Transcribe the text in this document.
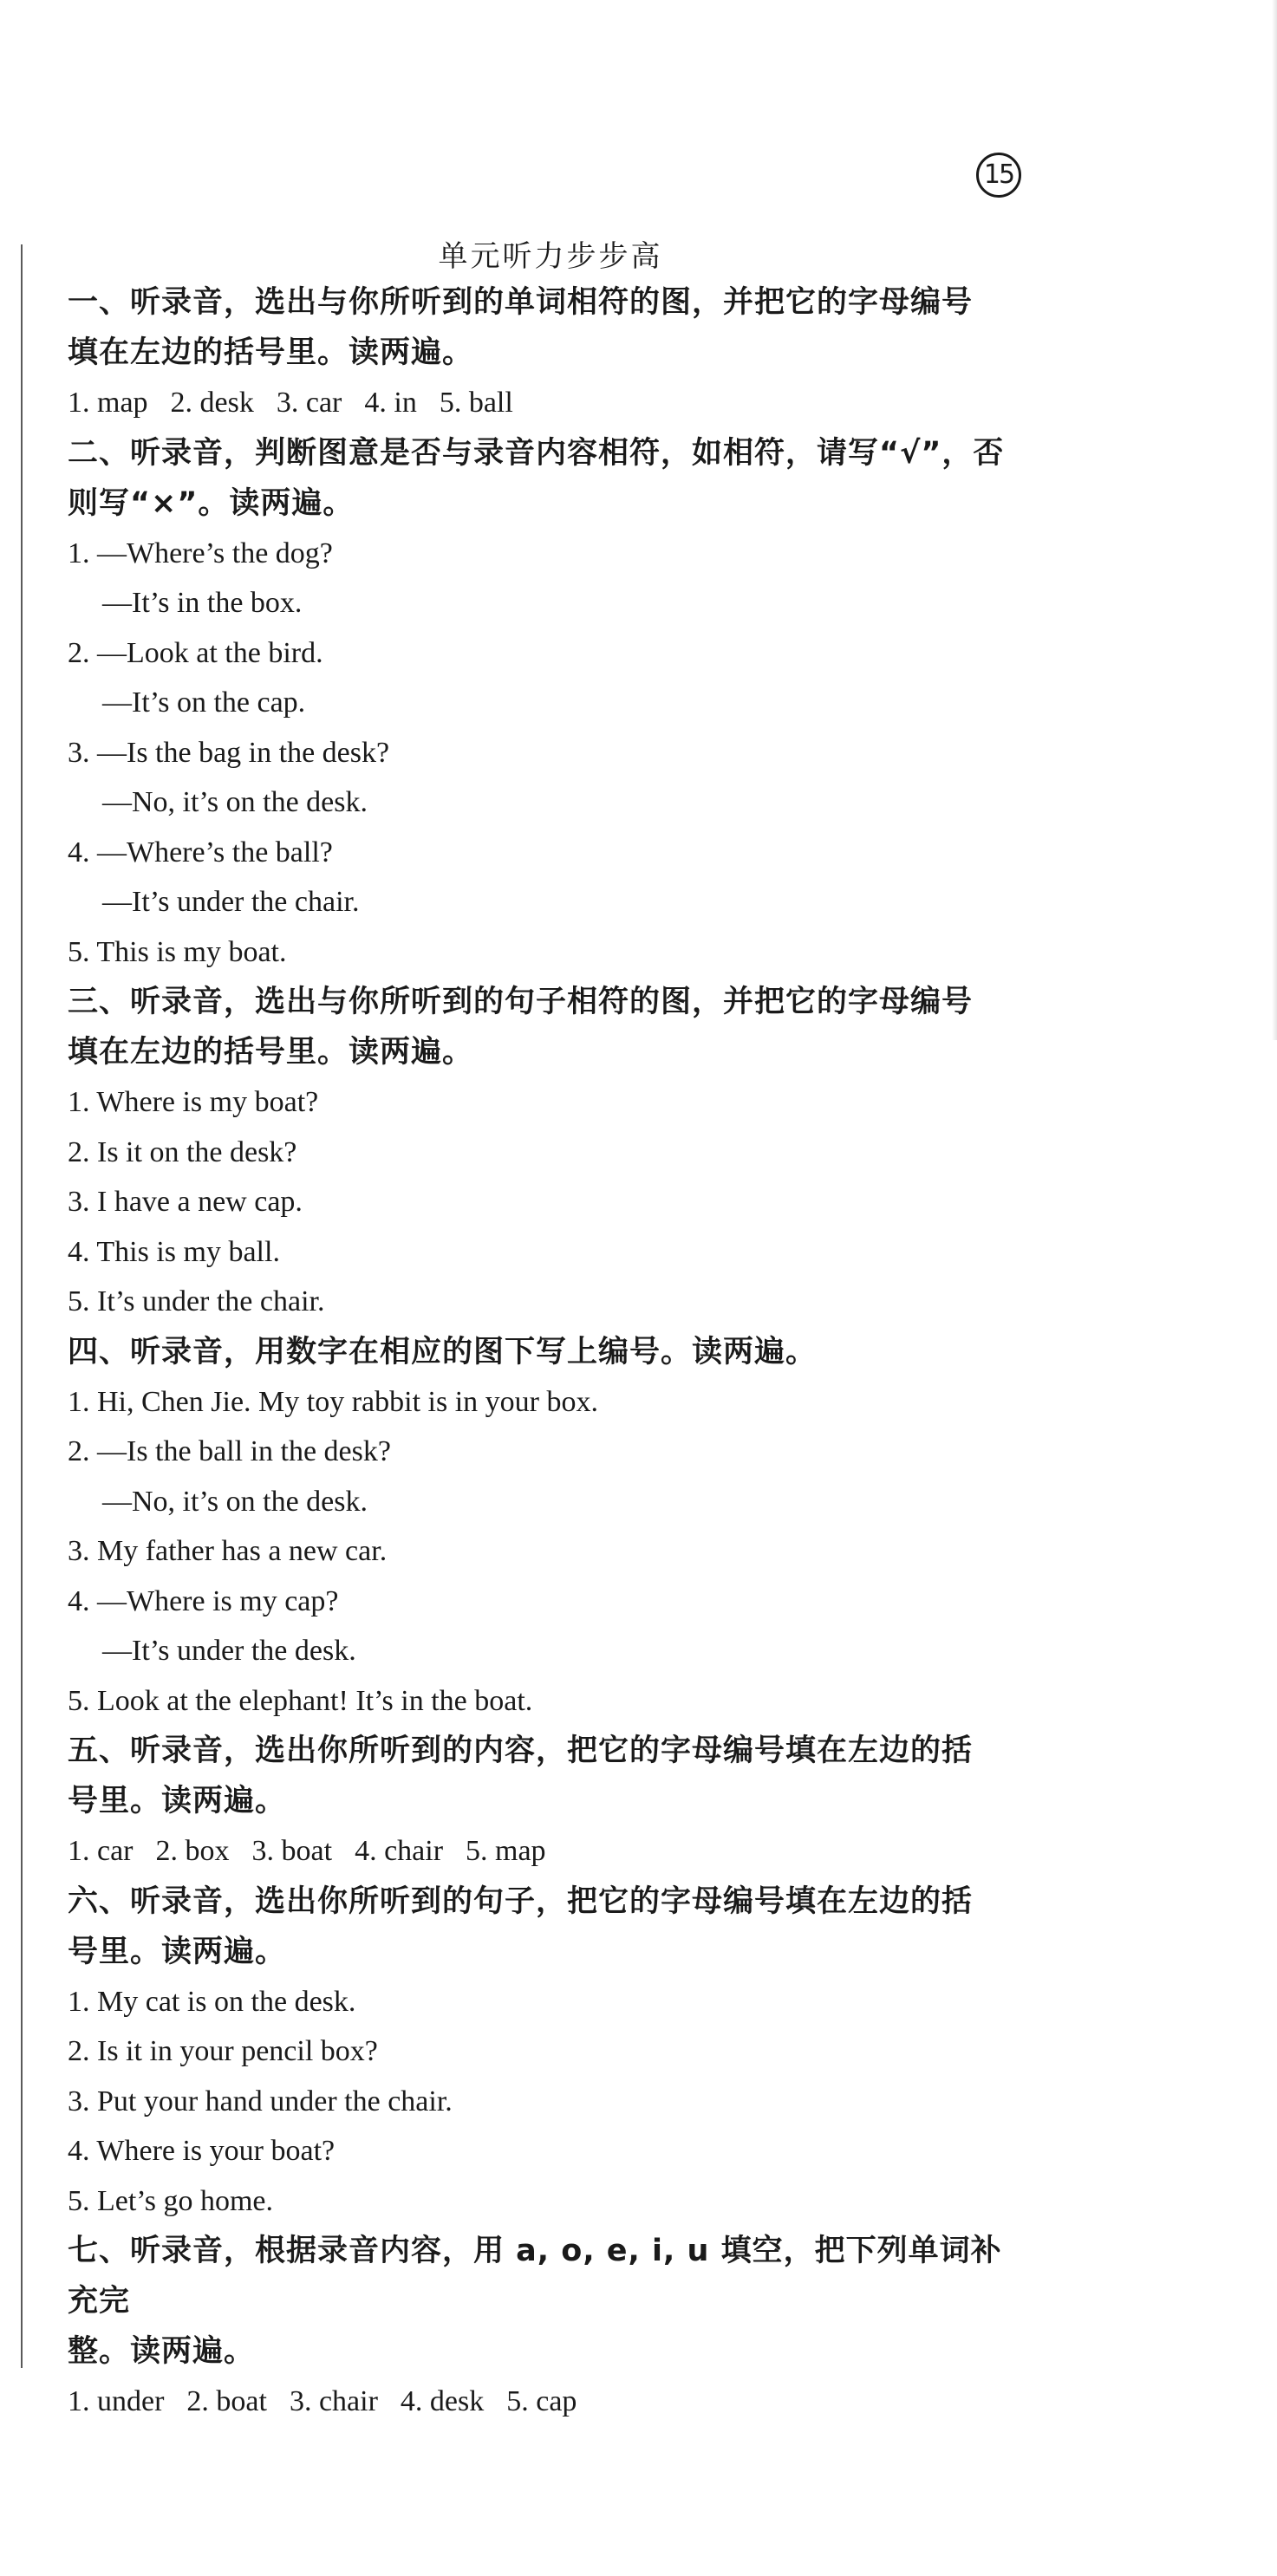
15
单元听力步步高

一、听录音，选出与你所听到的单词相符的图，并把它的字母编号

填在左边的括号里。读两遍。

1. map 2. desk 3. car 4. in 5. ball

二、听录音，判断图意是否与录音内容相符，如相符，请写“√”，否

则写“×”。读两遍。

1. —Where’s the dog?

—It’s in the box.

2. —Look at the bird.

—It’s on the cap.

3. —Is the bag in the desk?

—No, it’s on the desk.

4. —Where’s the ball?

—It’s under the chair.

5. This is my boat.

三、听录音，选出与你所听到的句子相符的图，并把它的字母编号

填在左边的括号里。读两遍。

1. Where is my boat?

2. Is it on the desk?

3. I have a new cap.

4. This is my ball.

5. It’s under the chair.

四、听录音，用数字在相应的图下写上编号。读两遍。

1. Hi, Chen Jie. My toy rabbit is in your box.

2. —Is the ball in the desk?

—No, it’s on the desk.

3. My father has a new car.

4. —Where is my cap?

—It’s under the desk.

5. Look at the elephant! It’s in the boat.

五、听录音，选出你所听到的内容，把它的字母编号填在左边的括

号里。读两遍。

1. car 2. box 3. boat 4. chair 5. map

六、听录音，选出你所听到的句子，把它的字母编号填在左边的括

号里。读两遍。

1. My cat is on the desk.

2. Is it in your pencil box?

3. Put your hand under the chair.

4. Where is your boat?

5. Let’s go home.

七、听录音，根据录音内容，用 a, o, e, i, u 填空，把下列单词补充完

整。读两遍。

1. under 2. boat 3. chair 4. desk 5. cap
